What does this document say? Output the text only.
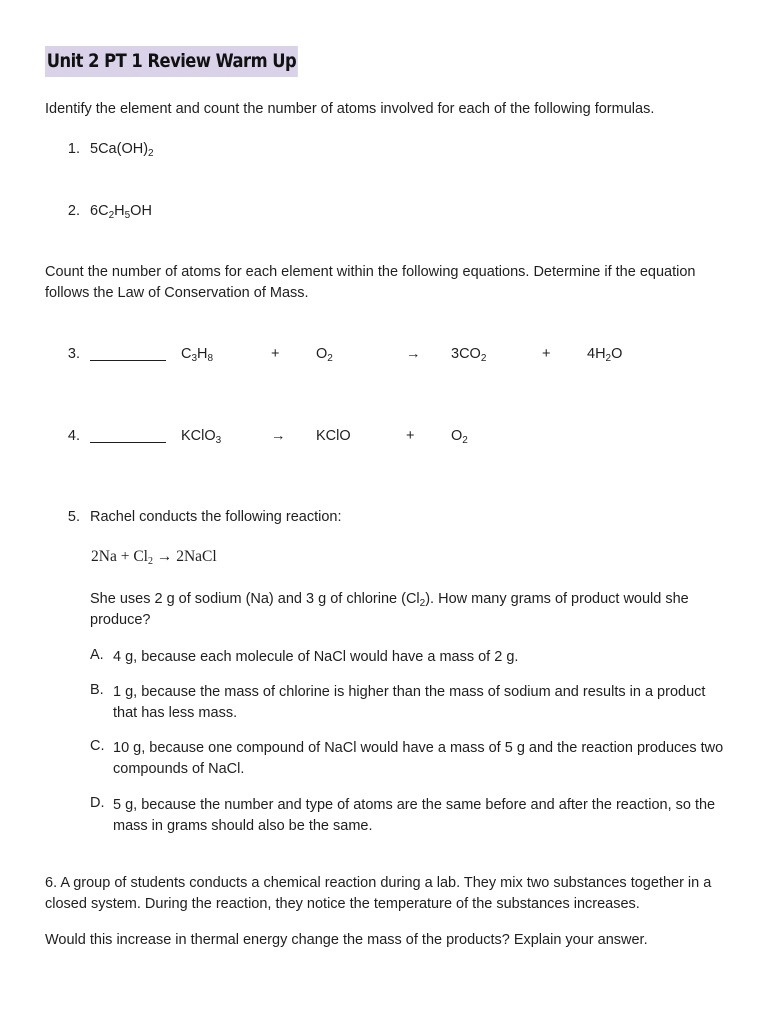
Unit 2 PT 1 Review Warm Up
Identify the element and count the number of atoms involved for each of the following formulas.
1. $5Ca(OH)_2$
2. $6C_2H_5OH$
Count the number of atoms for each element within the following equations. Determine if the equation follows the Law of Conservation of Mass.
3.	$C_3H_8$	+	$O_2$	→ $3CO_2$	+	$4H_2O$
4.	KClO$_3$	→ KClO	+	$O_2$
5. Rachel conducts the following reaction:
$2Na + Cl_2$ → 2NaCl
She uses 2 g of sodium (Na) and 3 g of chlorine $(Cl_2)$. How many grams of product would she produce?
A. 4 g, because each molecule of NaCl would have a mass of 2 g.
B. 1 g, because the mass of chlorine is higher than the mass of sodium and results in a product that has less mass.
C. 10 g, because one compound of NaCl would have a mass of 5 g and the reaction produces two compounds of NaCl.
D. 5 g, because the number and type of atoms are the same before and after the reaction, so the mass in grams should also be the same.
6. A group of students conducts a chemical reaction during a lab. They mix two substances together in a closed system. During the reaction, they notice the temperature of the substances increases.
Would this increase in thermal energy change the mass of the products? Explain your answer.
